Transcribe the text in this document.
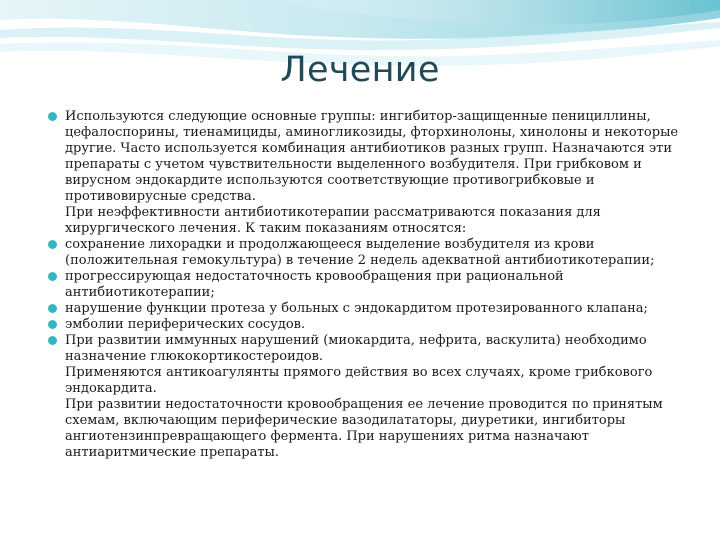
Лечение

Используются следующие основные группы: ингибитор-защищенные пенициллины, цефалоспорины, тиенамициды, аминогликозиды, фторхинолоны, хинолоны и некоторые другие. Часто используется комбинация антибиотиков разных групп. Назначаются эти препараты с учетом чувствительности выделенного возбудителя. При грибковом и вирусном эндокардите используются соответствующие противогрибковые и противовирусные средства.

При неэффективности антибиотикотерапии рассматриваются показания для хирургического лечения. К таким показаниям относятся:

сохранение лихорадки и продолжающееся выделение возбудителя из крови (положительная гемокультура) в течение 2 недель адекватной антибиотикотерапии;

прогрессирующая недостаточность кровообращения при рациональной антибиотикотерапии;

нарушение функции протеза у больных с эндокардитом протезированного клапана;

эмболии периферических сосудов.

При развитии иммунных нарушений (миокардита, нефрита, васкулита) необходимо назначение глюкокортикостероидов.

Применяются антикоагулянты прямого действия во всех случаях, кроме грибкового эндокардита.

При развитии недостаточности кровообращения ее лечение проводится по принятым схемам, включающим периферические вазодилататоры, диуретики, ингибиторы ангиотензинпревращающего фермента. При нарушениях ритма назначают антиаритмические препараты.
